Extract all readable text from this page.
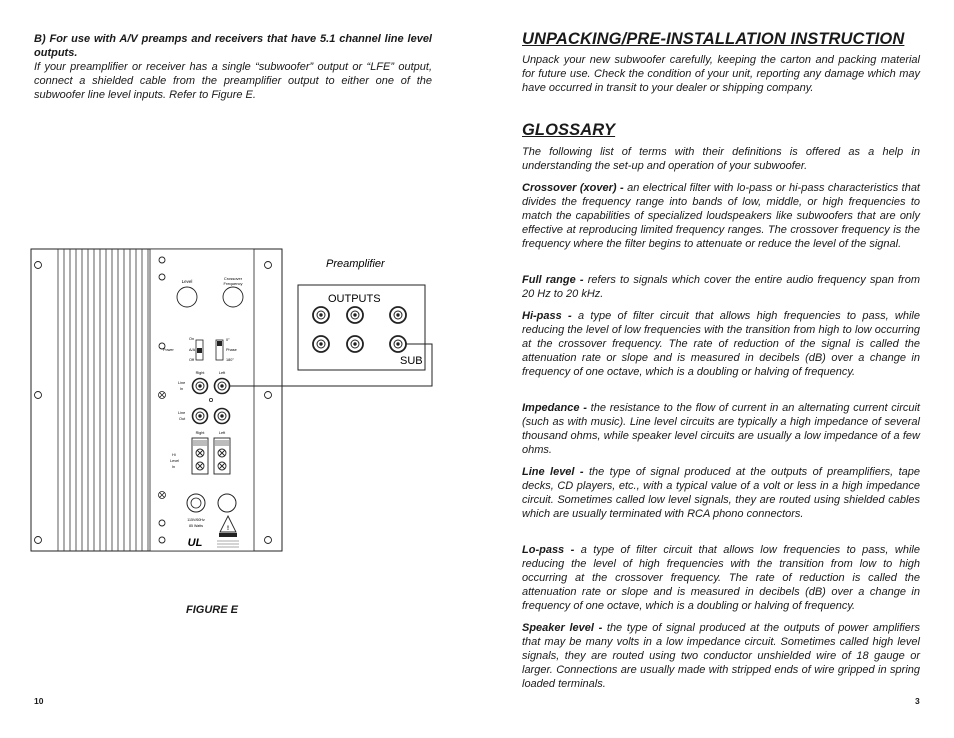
B) For use with A/V preamps and receivers that have 5.1 channel line level outputs.
If your preamplifier or receiver has a single “subwoofer” output or “LFE” output, connect a shielded cable from the preamplifier output to either one of the subwoofer line level inputs. Refer to Figure E.
Level
Crossover
Frequency
On
Power	A/A
Off
0°
Phase
180°
Right	Left
Line
In
Line
Out
Right	Left
Hi
Level
In
115V/60Hz
85 Watts
UL
!
Preamplifier
OUTPUTS
SUB
FIGURE E
10
UNPACKING/PRE-INSTALLATION INSTRUCTION
Unpack your new subwoofer carefully, keeping the carton and packing material for future use. Check the condition of your unit, reporting any damage which may have occurred in transit to your dealer or shipping company.
GLOSSARY
The following list of terms with their definitions is offered as a help in understanding the set-up and operation of your subwoofer.
Crossover (xover) - an electrical filter with lo-pass or hi-pass characteristics that divides the frequency range into bands of low, middle, or high frequencies to match the capabilities of specialized loudspeakers like subwoofers that are only effective at reproducing limited frequency ranges. The crossover frequency is the frequency where the filter begins to attenuate or reduce the level of the signal.
Full range - refers to signals which cover the entire audio frequency span from 20 Hz to 20 kHz.
Hi-pass - a type of filter circuit that allows high frequencies to pass, while reducing the level of low frequencies with the transition from high to low occurring at the crossover frequency. The rate of reduction of the signal is called the attenuation rate or slope and is measured in decibels (dB) over a change in frequency of one octave, which is a doubling or halving of frequency.
Impedance - the resistance to the flow of current in an alternating current circuit (such as with music). Line level circuits are typically a high impedance of several thousand ohms, while speaker level circuits are usually a low impedance of a few ohms.
Line level - the type of signal produced at the outputs of preamplifiers, tape decks, CD players, etc., with a typical value of a volt or less in a high impedance circuit. Sometimes called low level signals, they are routed using shielded cables which are usually terminated with RCA phono connectors.
Lo-pass - a type of filter circuit that allows low frequencies to pass, while reducing the level of high frequencies with the transition from low to high occurring at the crossover frequency. The rate of reduction is called the attenuation rate or slope and is measured in decibels (dB) over a change in frequency of one octave, which is a doubling or halving of frequency.
Speaker level - the type of signal produced at the outputs of power amplifiers that may be many volts in a low impedance circuit. Sometimes called high level signals, they are routed using two conductor unshielded wire of 18 gauge or larger. Connections are usually made with stripped ends of wire gripped in spring loaded terminals.
3
